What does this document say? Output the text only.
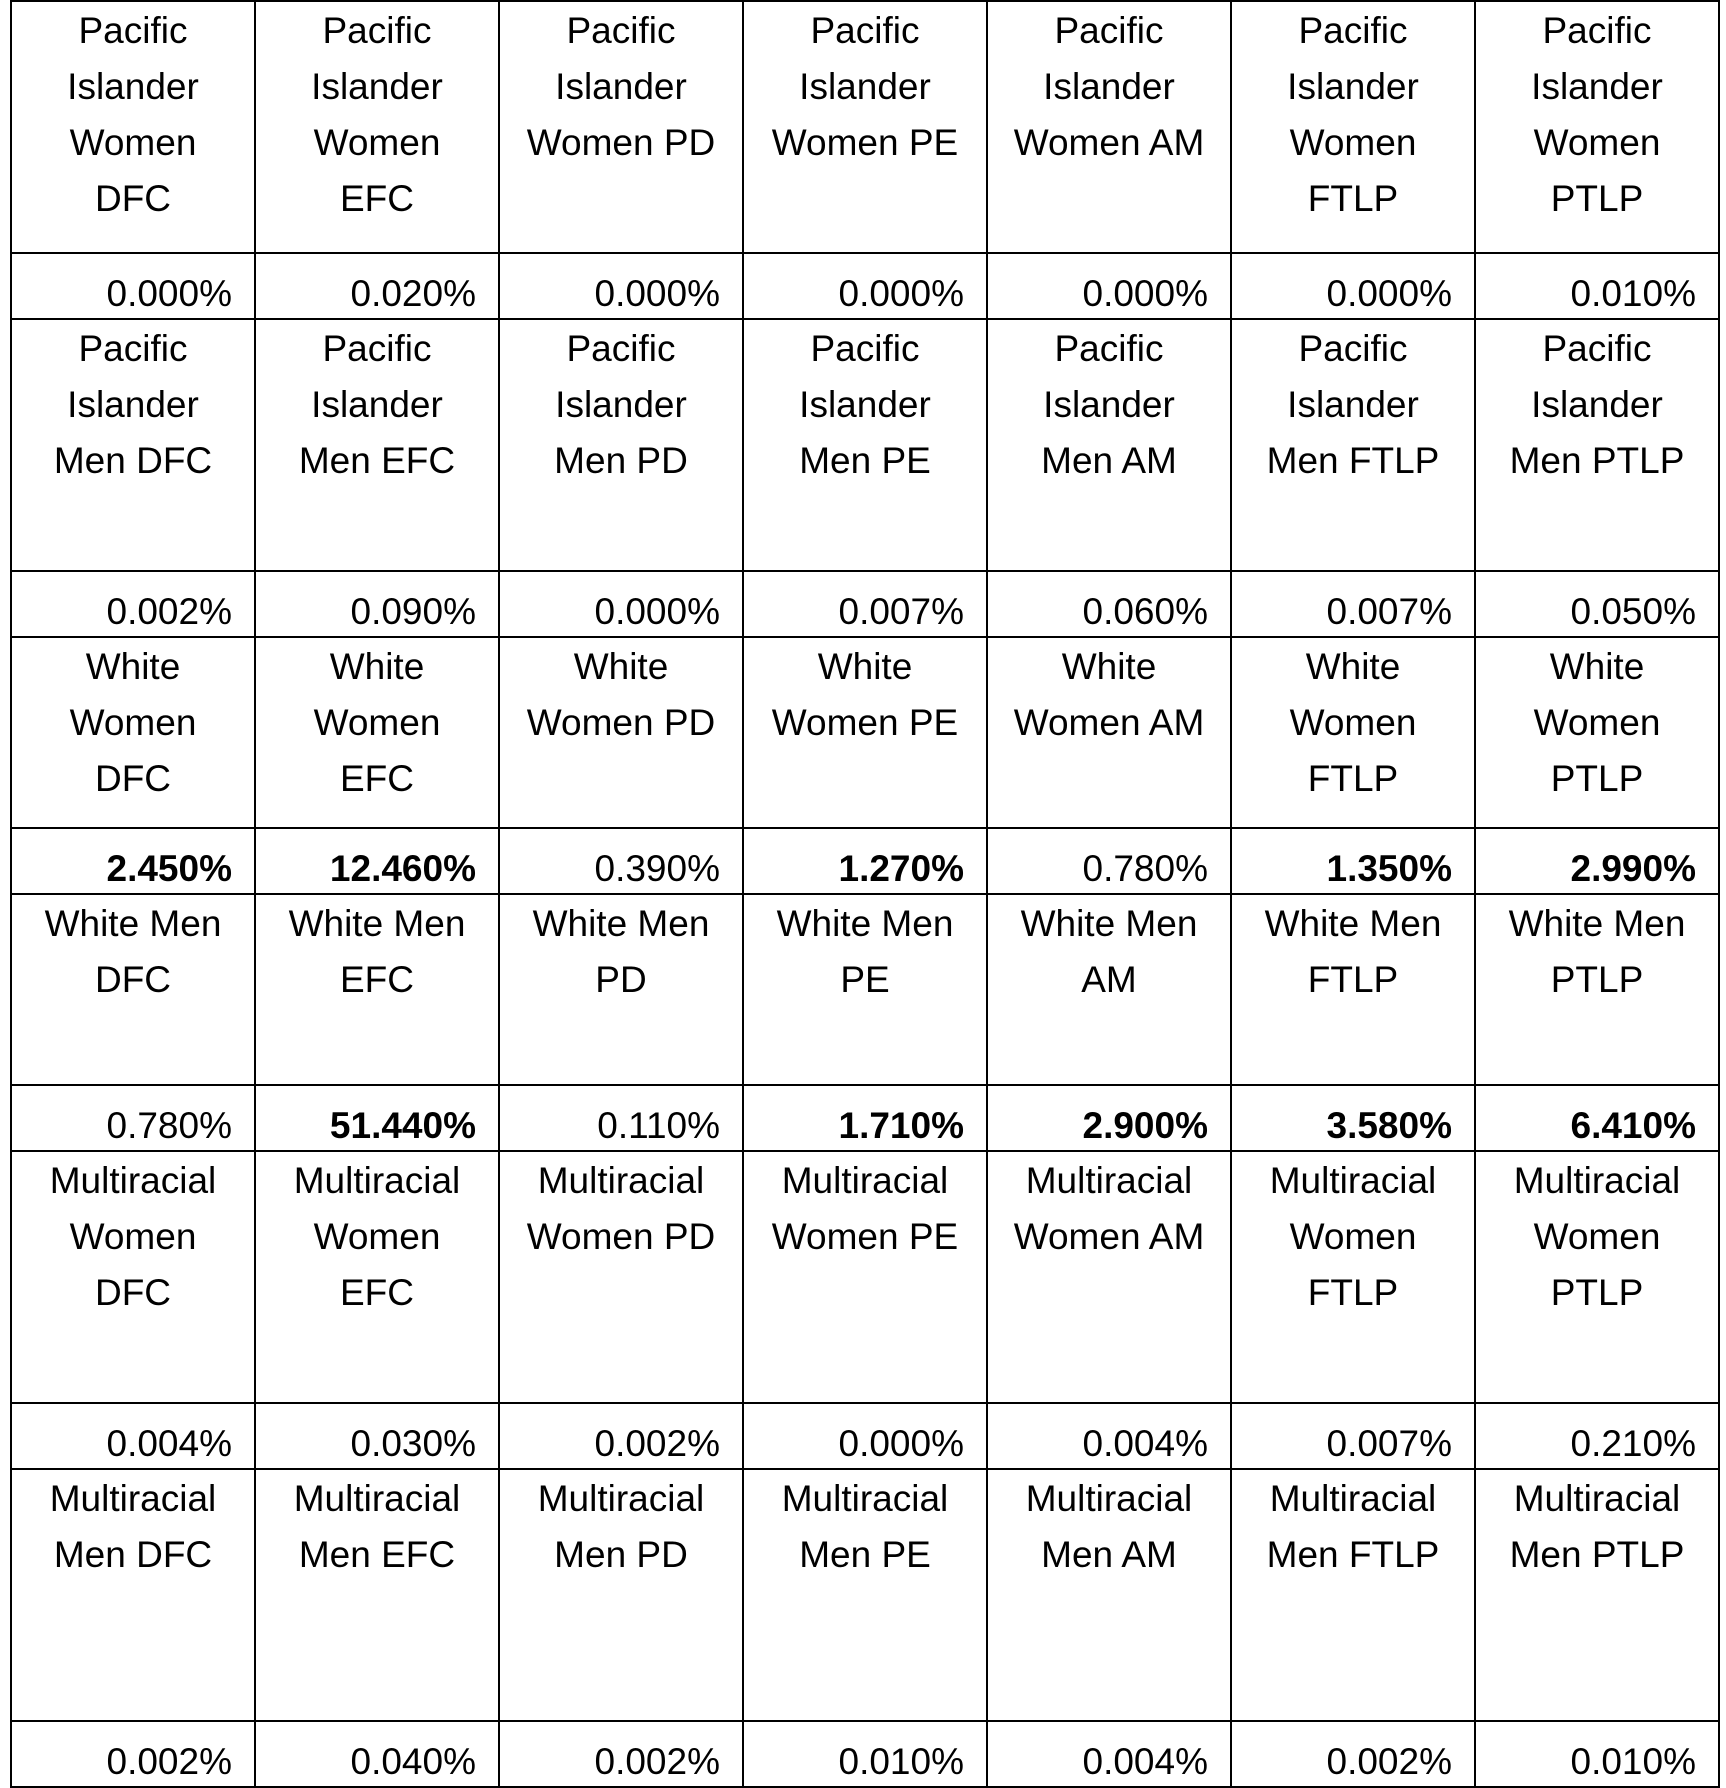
Pacific Islander Women DFC	Pacific Islander Women EFC	Pacific Islander Women PD	Pacific Islander Women PE	Pacific Islander Women AM	Pacific Islander Women FTLP	Pacific Islander Women PTLP
0.000%	0.020%	0.000%	0.000%	0.000%	0.000%	0.010%
Pacific Islander Men DFC	Pacific Islander Men EFC	Pacific Islander Men PD	Pacific Islander Men PE	Pacific Islander Men AM	Pacific Islander Men FTLP	Pacific Islander Men PTLP
0.002%	0.090%	0.000%	0.007%	0.060%	0.007%	0.050%
White Women DFC	White Women EFC	White Women PD	White Women PE	White Women AM	White Women FTLP	White Women PTLP
2.450%	12.460%	0.390%	1.270%	0.780%	1.350%	2.990%
White Men DFC	White Men EFC	White Men PD	White Men PE	White Men AM	White Men FTLP	White Men PTLP
0.780%	51.440%	0.110%	1.710%	2.900%	3.580%	6.410%
Multiracial Women DFC	Multiracial Women EFC	Multiracial Women PD	Multiracial Women PE	Multiracial Women AM	Multiracial Women FTLP	Multiracial Women PTLP
0.004%	0.030%	0.002%	0.000%	0.004%	0.007%	0.210%
Multiracial Men DFC	Multiracial Men EFC	Multiracial Men PD	Multiracial Men PE	Multiracial Men AM	Multiracial Men FTLP	Multiracial Men PTLP
0.002%	0.040%	0.002%	0.010%	0.004%	0.002%	0.010%
